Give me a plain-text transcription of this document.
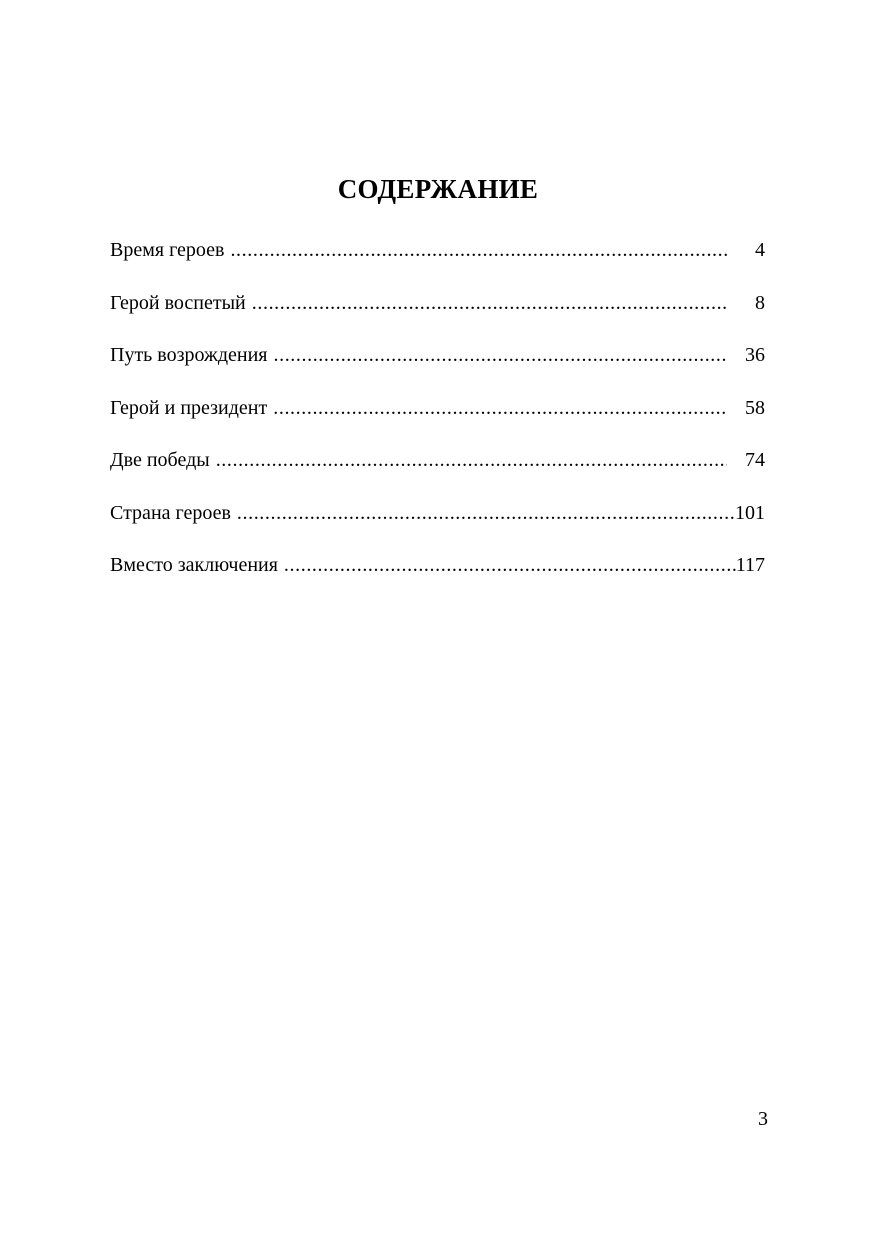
СОДЕРЖАНИЕ
Время героев .....	4
Герой воспетый .....	8
Путь возрождения .....	36
Герой и президент .....	58
Две победы .....	74
Страна героев .....	101
Вместо заключения .....	117
3
